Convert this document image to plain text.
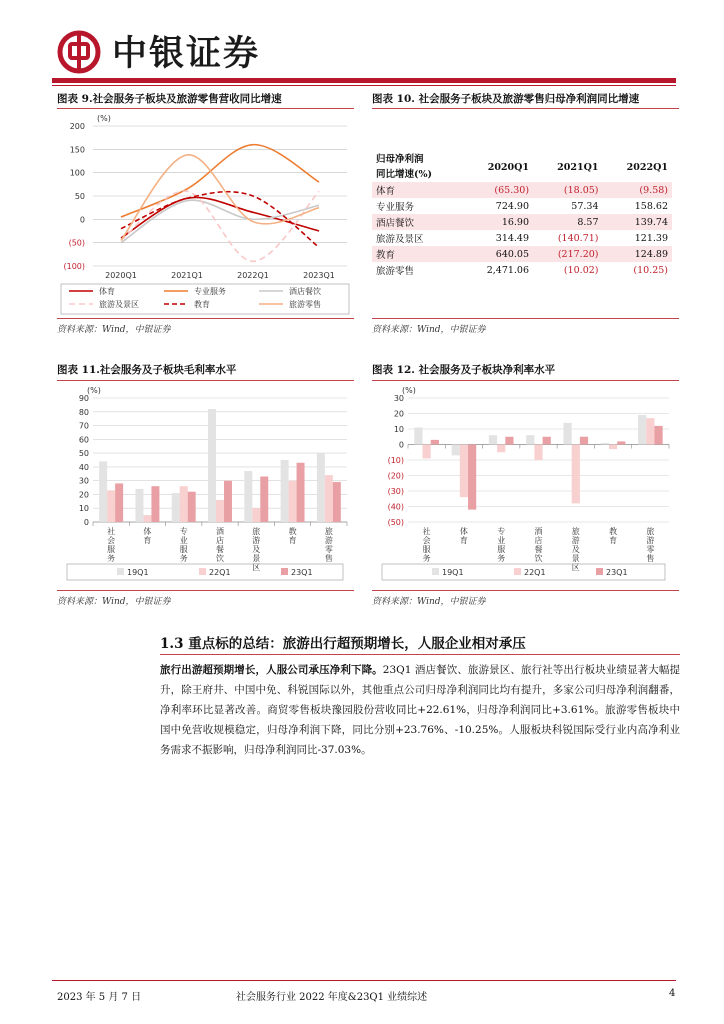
中银证券
图表 9.社会服务子板块及旅游零售营收同比增速
(%)
200
150
100
50
0
(50)
(100)
2020Q1	2021Q1	2022Q1	2023Q1
体育	专业服务	酒店餐饮
旅游及景区	教育	旅游零售
资料来源：Wind，中银证券
图表 10. 社会服务子板块及旅游零售归母净利润同比增速
归母净利润
同比增速(%)	2020Q1	2021Q1	2022Q1
体育	(65.30)	(18.05)	(9.58)
专业服务	724.90	57.34	158.62
酒店餐饮	16.90	8.57	139.74
旅游及景区	314.49	(140.71)	121.39
教育	640.05	(217.20)	124.89
旅游零售	2,471.06	(10.02)	(10.25)
资料来源：Wind，中银证券
图表 11.社会服务及子板块毛利率水平
(%)
90
80
70
60
50
40
30
20
10
0
社会服务
体育
专业服务
酒店餐饮
旅游及景区
教育
旅游零售
19Q1	22Q1	23Q1
资料来源：Wind，中银证券
图表 12. 社会服务及子板块净利率水平
(%)
30
20
10
0
(10)
(20)
(30)
(40)
(50)
社会服务
体育
专业服务
酒店餐饮
旅游及景区
教育
旅游零售
19Q1	22Q1	23Q1
资料来源：Wind，中银证券
1.3 重点标的总结：旅游出行超预期增长，人服企业相对承压
旅行出游超预期增长，人服公司承压净利下降。23Q1 酒店餐饮、旅游景区、旅行社等出行板块业绩显著大幅提升，除王府井、中国中免、科锐国际以外，其他重点公司归母净利润同比均有提升，多家公司归母净利润翻番，净利率环比显著改善。商贸零售板块豫园股份营收同比+22.61%，归母净利润同比+3.61%。旅游零售板块中国中免营收规模稳定，归母净利润下降，同比分别+23.76%、-10.25%。人服板块科锐国际受行业内高净利业务需求不振影响，归母净利润同比-37.03%。
2023 年 5 月 7 日	社会服务行业 2022 年度&23Q1 业绩综述	4
